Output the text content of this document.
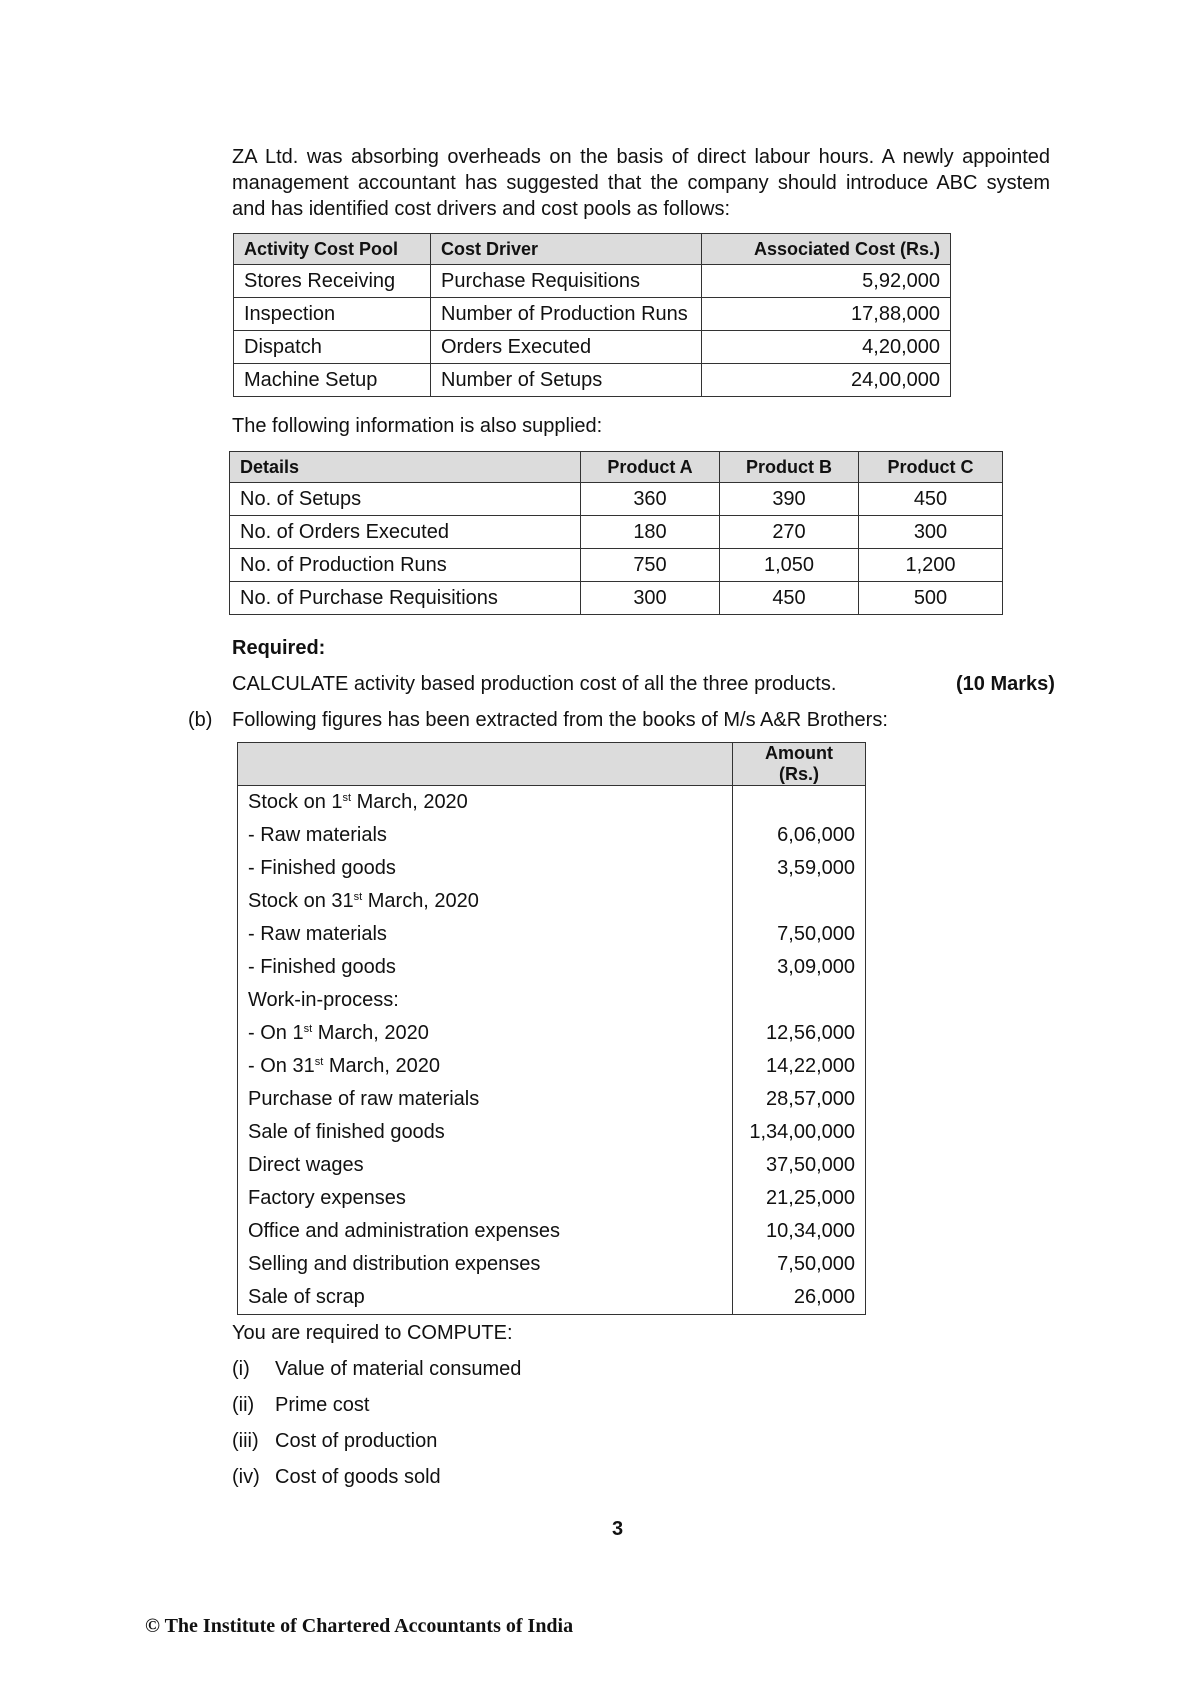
ZA Ltd. was absorbing overheads on the basis of direct labour hours. A newly appointed management accountant has suggested that the company should introduce ABC system and has identified cost drivers and cost pools as follows:

Activity Cost Pool	Cost Driver	Associated Cost (Rs.)
Stores Receiving	Purchase Requisitions	5,92,000
Inspection	Number of Production Runs	17,88,000
Dispatch	Orders Executed	4,20,000
Machine Setup	Number of Setups	24,00,000
The following information is also supplied:
Details	Product A	Product B	Product C
No. of Setups	360	390	450
No. of Orders Executed	180	270	300
No. of Production Runs	750	1,050	1,200
No. of Purchase Requisitions	300	450	500
Required:
CALCULATE activity based production cost of all the three products.	(10 Marks)
(b) Following figures has been extracted from the books of M/s A&R Brothers:
	Amount (Rs.)
Stock on 1st March, 2020	
- Raw materials	6,06,000
- Finished goods	3,59,000
Stock on 31st March, 2020	
- Raw materials	7,50,000
- Finished goods	3,09,000
Work-in-process:	
- On 1st March, 2020	12,56,000
- On 31st March, 2020	14,22,000
Purchase of raw materials	28,57,000
Sale of finished goods	1,34,00,000
Direct wages	37,50,000
Factory expenses	21,25,000
Office and administration expenses	10,34,000
Selling and distribution expenses	7,50,000
Sale of scrap	26,000
You are required to COMPUTE:
(i) Value of material consumed
(ii) Prime cost
(iii) Cost of production
(iv) Cost of goods sold
3
© The Institute of Chartered Accountants of India
